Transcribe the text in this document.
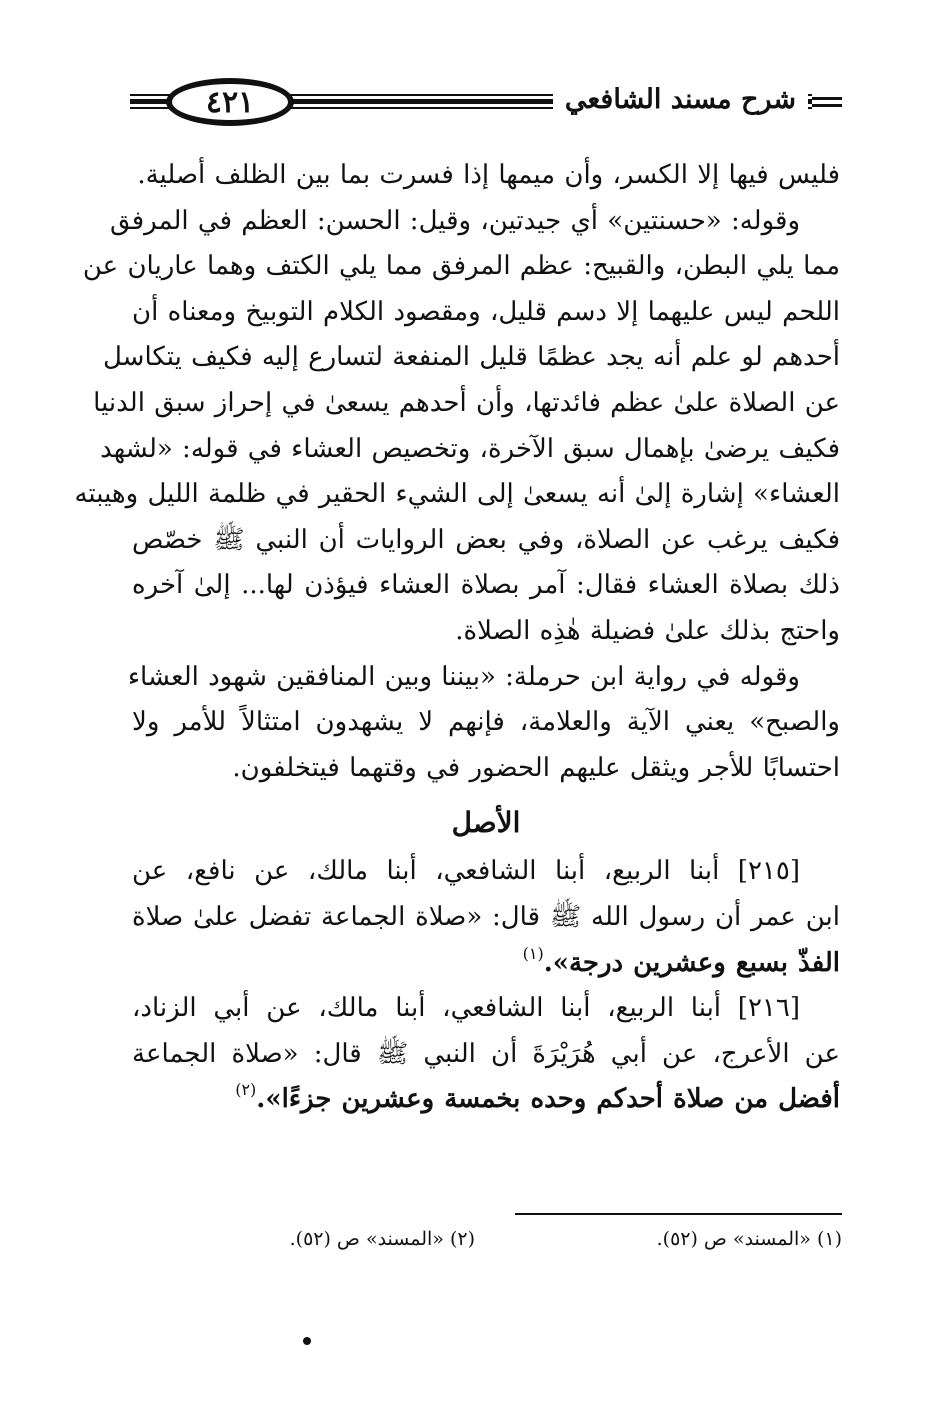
شرح مسند الشافعي
٤٢١
فليس فيها إلا الكسر، وأن ميمها إذا فسرت بما بين الظلف أصلية.
وقوله: «حسنتين» أي جيدتين، وقيل: الحسن: العظم في المرفق
مما يلي البطن، والقبيح: عظم المرفق مما يلي الكتف وهما عاريان عن
اللحم ليس عليهما إلا دسم قليل، ومقصود الكلام التوبيخ ومعناه أن
أحدهم لو علم أنه يجد عظمًا قليل المنفعة لتسارع إليه فكيف يتكاسل
عن الصلاة علىٰ عظم فائدتها، وأن أحدهم يسعىٰ في إحراز سبق الدنيا
فكيف يرضىٰ بإهمال سبق الآخرة، وتخصيص العشاء في قوله: «لشهد
العشاء» إشارة إلىٰ أنه يسعىٰ إلى الشيء الحقير في ظلمة الليل وهيبته
فكيف يرغب عن الصلاة، وفي بعض الروايات أن النبي ﷺ خصّص
ذلك بصلاة العشاء فقال: آمر بصلاة العشاء فيؤذن لها... إلىٰ آخره
واحتج بذلك علىٰ فضيلة هٰذِه الصلاة.
وقوله في رواية ابن حرملة: «بيننا وبين المنافقين شهود العشاء
والصبح» يعني الآية والعلامة، فإنهم لا يشهدون امتثالاً للأمر ولا
احتسابًا للأجر ويثقل عليهم الحضور في وقتهما فيتخلفون.
الأصل
[٢١٥] أبنا الربيع، أبنا الشافعي، أبنا مالك، عن نافع، عن
ابن عمر أن رسول الله ﷺ قال: «صلاة الجماعة تفضل علىٰ صلاة
الفذّ بسبع وعشرين درجة».$^{(١)}$
[٢١٦] أبنا الربيع، أبنا الشافعي، أبنا مالك، عن أبي الزناد،
عن الأعرج، عن أبي هُرَيْرَةَ أن النبي ﷺ قال: «صلاة الجماعة
أفضل من صلاة أحدكم وحده بخمسة وعشرين جزءًا».$^{(٢)}$
(١) «المسند» ص (٥٢).
(٢) «المسند» ص (٥٢).
